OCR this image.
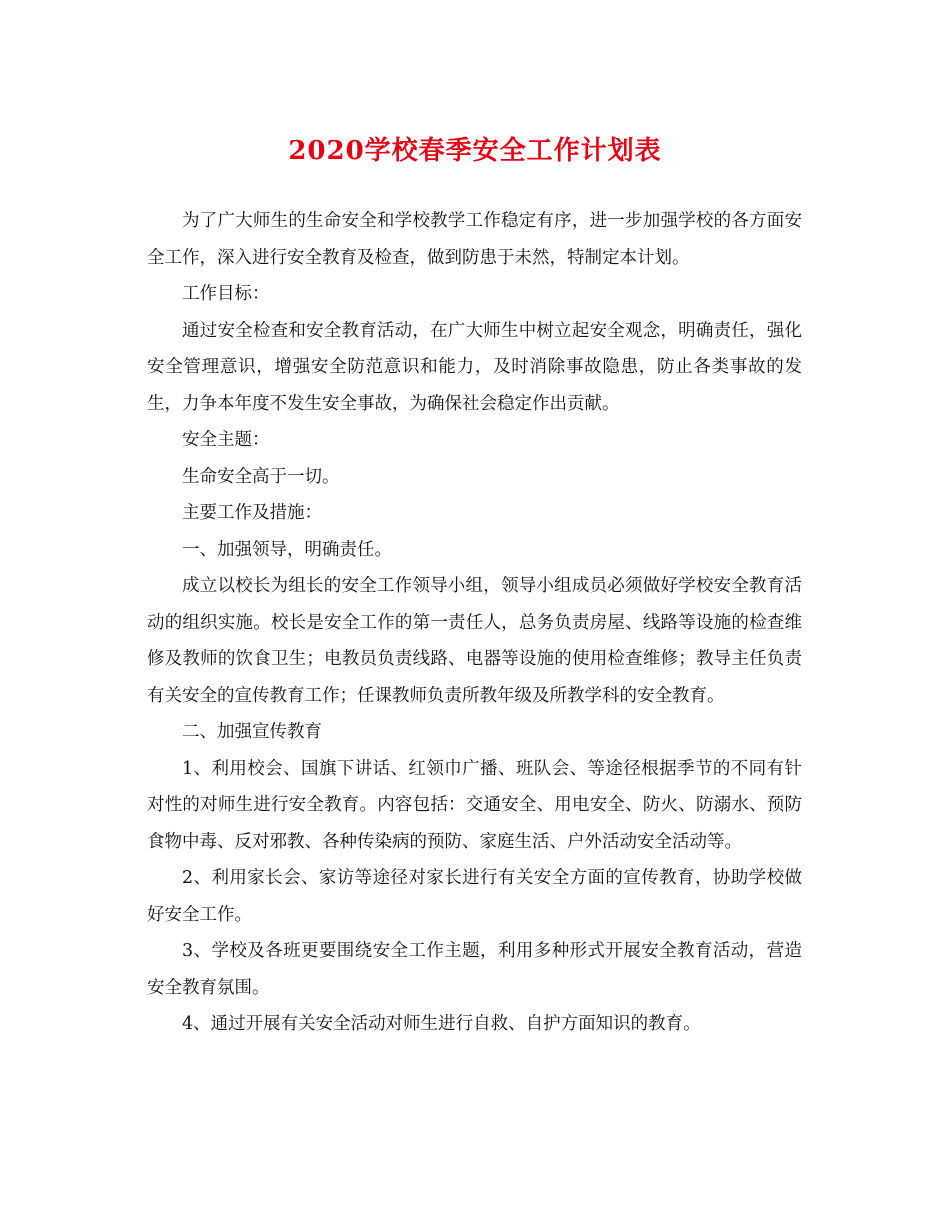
2020学校春季安全工作计划表

为了广大师生的生命安全和学校教学工作稳定有序，进一步加强学校的各方面安全工作，深入进行安全教育及检查，做到防患于未然，特制定本计划。

工作目标：

通过安全检查和安全教育活动，在广大师生中树立起安全观念，明确责任，强化安全管理意识，增强安全防范意识和能力，及时消除事故隐患，防止各类事故的发生，力争本年度不发生安全事故，为确保社会稳定作出贡献。

安全主题：

生命安全高于一切。

主要工作及措施：

一、加强领导，明确责任。

成立以校长为组长的安全工作领导小组，领导小组成员必须做好学校安全教育活动的组织实施。校长是安全工作的第一责任人，总务负责房屋、线路等设施的检查维修及教师的饮食卫生；电教员负责线路、电器等设施的使用检查维修；教导主任负责有关安全的宣传教育工作；任课教师负责所教年级及所教学科的安全教育。

二、加强宣传教育

1、利用校会、国旗下讲话、红领巾广播、班队会、等途径根据季节的不同有针对性的对师生进行安全教育。内容包括：交通安全、用电安全、防火、防溺水、预防食物中毒、反对邪教、各种传染病的预防、家庭生活、户外活动安全活动等。

2、利用家长会、家访等途径对家长进行有关安全方面的宣传教育，协助学校做好安全工作。

3、学校及各班更要围绕安全工作主题，利用多种形式开展安全教育活动，营造安全教育氛围。

4、通过开展有关安全活动对师生进行自救、自护方面知识的教育。
